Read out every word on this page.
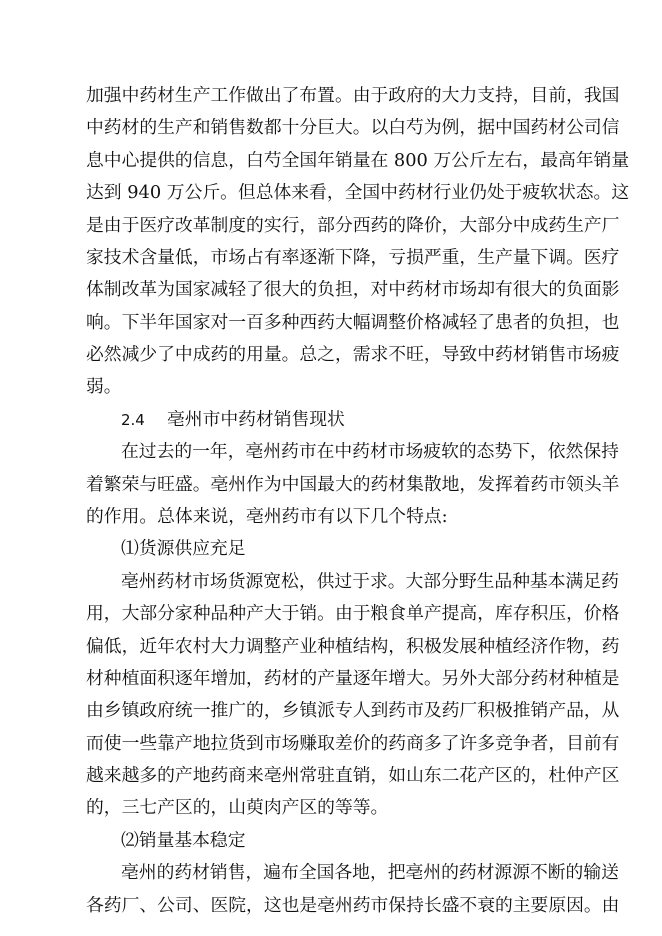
加强中药材生产工作做出了布置。由于政府的大力支持，目前，我国
中药材的生产和销售数都十分巨大。以白芍为例，据中国药材公司信
息中心提供的信息，白芍全国年销量在 800 万公斤左右，最高年销量
达到 940 万公斤。但总体来看，全国中药材行业仍处于疲软状态。这
是由于医疗改革制度的实行，部分西药的降价，大部分中成药生产厂
家技术含量低，市场占有率逐渐下降，亏损严重，生产量下调。医疗
体制改革为国家减轻了很大的负担，对中药材市场却有很大的负面影
响。下半年国家对一百多种西药大幅调整价格减轻了患者的负担，也
必然减少了中成药的用量。总之，需求不旺，导致中药材销售市场疲
弱。
2.4 亳州市中药材销售现状
在过去的一年，亳州药市在中药材市场疲软的态势下，依然保持
着繁荣与旺盛。亳州作为中国最大的药材集散地，发挥着药市领头羊
的作用。总体来说，亳州药市有以下几个特点:
⑴货源供应充足
亳州药材市场货源宽松，供过于求。大部分野生品种基本满足药
用，大部分家种品种产大于销。由于粮食单产提高，库存积压，价格
偏低，近年农村大力调整产业种植结构，积极发展种植经济作物，药
材种植面积逐年增加，药材的产量逐年增大。另外大部分药材种植是
由乡镇政府统一推广的，乡镇派专人到药市及药厂积极推销产品，从
而使一些靠产地拉货到市场赚取差价的药商多了许多竞争者，目前有
越来越多的产地药商来亳州常驻直销，如山东二花产区的，杜仲产区
的，三七产区的，山萸肉产区的等等。
⑵销量基本稳定
亳州的药材销售，遍布全国各地，把亳州的药材源源不断的输送
各药厂、公司、医院，这也是亳州药市保持长盛不衰的主要原因。由
